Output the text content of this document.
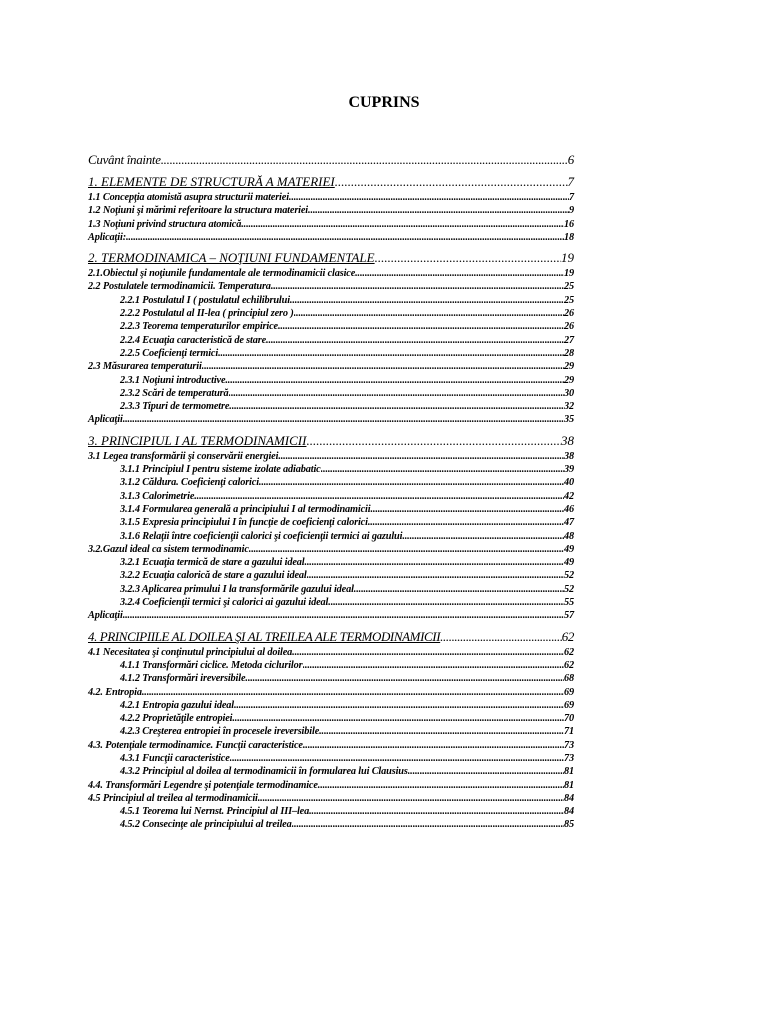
CUPRINS
Cuvânt înainte .....	6
1. ELEMENTE DE STRUCTURĂ A MATERIEI .....	7
1.1 Concepţia atomistă asupra structurii materiei .....	7
1.2 Noţiuni şi mărimi referitoare la structura materiei .....	9
1.3 Noţiuni privind structura atomică .....	16
Aplicaţii: .....	18
2. TERMODINAMICA – NOŢIUNI FUNDAMENTALE .....	19
2.1.Obiectul şi noţiunile fundamentale ale termodinamicii clasice .....	19
2.2 Postulatele termodinamicii. Temperatura .....	25
2.2.1 Postulatul I ( postulatul echilibrului .....	25
2.2.2 Postulatul al II-lea ( principiul zero ) .....	26
2.2.3 Teorema temperaturilor empirice .....	26
2.2.4 Ecuaţia caracteristică de stare .....	27
2.2.5 Coeficienţi termici .....	28
2.3 Măsurarea temperaturii .....	29
2.3.1 Noţiuni introductive .....	29
2.3.2 Scări de temperatură .....	30
2.3.3 Tipuri de termometre .....	32
Aplicaţii .....	35
3. PRINCIPIUL I AL TERMODINAMICII .....	38
3.1 Legea transformării şi conservării energiei .....	38
3.1.1 Principiul I pentru sisteme izolate adiabatic .....	39
3.1.2 Căldura. Coeficienţi calorici .....	40
3.1.3 Calorimetrie .....	42
3.1.4 Formularea generală a principiului I al termodinamicii .....	46
3.1.5 Expresia principiului I în funcţie de coeficienţi calorici .....	47
3.1.6 Relaţii între coeficienţii calorici şi coeficienţii termici ai gazului .....	48
3.2.Gazul ideal ca sistem termodinamic .....	49
3.2.1 Ecuaţia termică de stare a gazului ideal .....	49
3.2.2 Ecuaţia calorică de stare a gazului ideal .....	52
3.2.3 Aplicarea primului I la transformările gazului ideal .....	52
3.2.4 Coeficienţii termici şi calorici ai gazului ideal .....	55
Aplicaţii .....	57
4. PRINCIPIILE AL DOILEA ŞI AL TREILEA ALE TERMODINAMICII .....	62
4.1 Necesitatea şi conţinutul principiului al doilea .....	62
4.1.1 Transformări ciclice. Metoda ciclurilor .....	62
4.1.2 Transformări ireversibile .....	68
4.2. Entropia .....	69
4.2.1 Entropia gazului ideal .....	69
4.2.2 Proprietăţile entropiei .....	70
4.2.3 Creşterea entropiei în procesele ireversibile .....	71
4.3. Potenţiale termodinamice. Funcţii caracteristice .....	73
4.3.1 Funcţii caracteristice .....	73
4.3.2 Principiul al doilea al termodinamicii în formularea lui Clausius .....	81
4.4. Transformări Legendre şi potenţiale termodinamice .....	81
4.5 Principiul al treilea al termodinamicii .....	84
4.5.1 Teorema lui Nernst. Principiul al III–lea .....	84
4.5.2 Consecinţe ale principiului al treilea .....	85
